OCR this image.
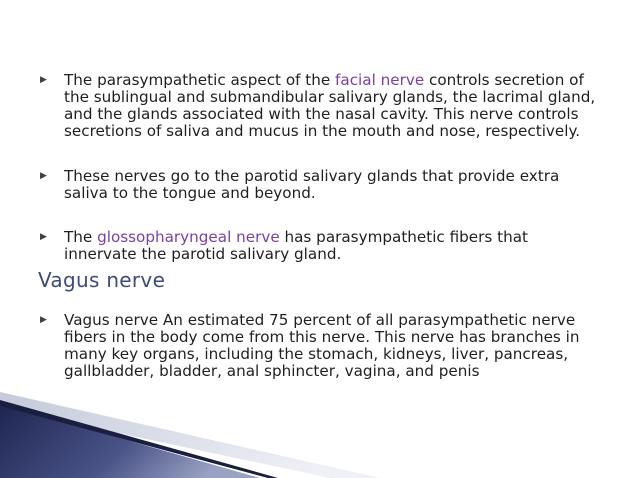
▶ The parasympathetic aspect of the facial nerve controls secretion of the sublingual and submandibular salivary glands, the lacrimal gland, and the glands associated with the nasal cavity. This nerve controls secretions of saliva and mucus in the mouth and nose, respectively.
▶ These nerves go to the parotid salivary glands that provide extra saliva to the tongue and beyond.
▶ The glossopharyngeal nerve has parasympathetic fibers that innervate the parotid salivary gland.
Vagus nerve
▶ Vagus nerve An estimated 75 percent of all parasympathetic nerve fibers in the body come from this nerve. This nerve has branches in many key organs, including the stomach, kidneys, liver, pancreas, gallbladder, bladder, anal sphincter, vagina, and penis
